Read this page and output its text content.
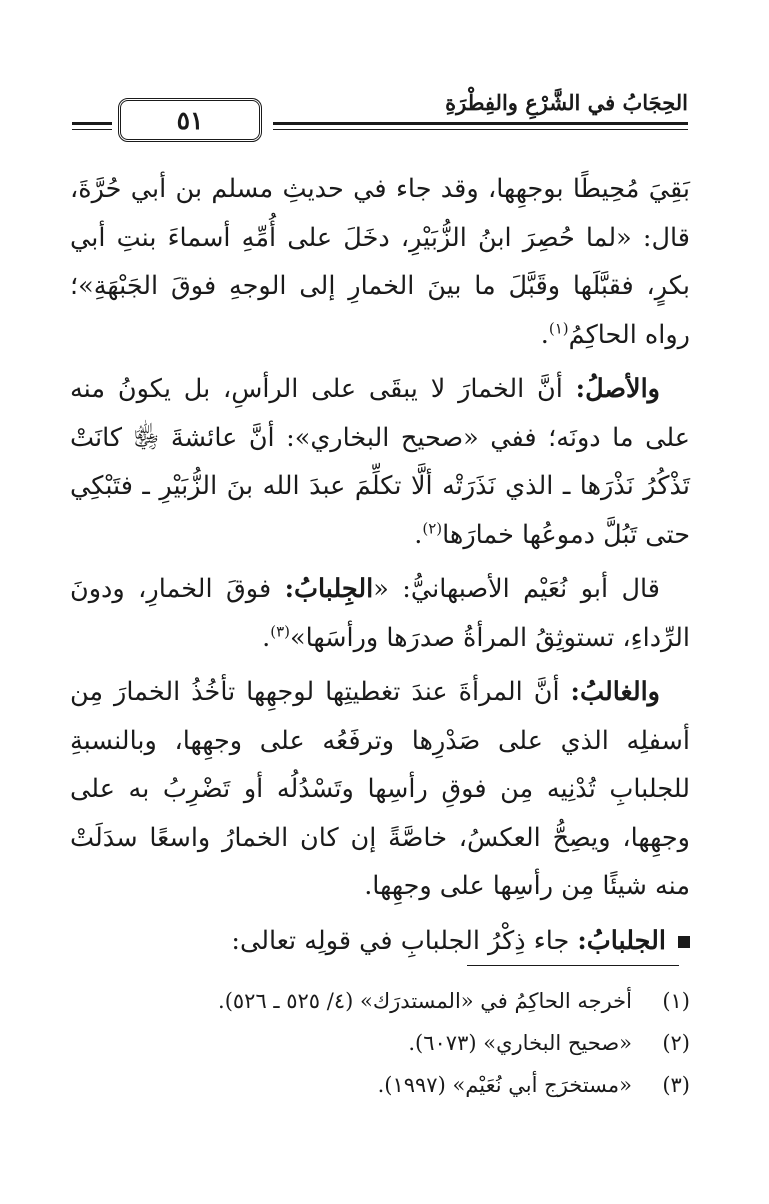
الحِجَابُ في الشَّرْعِ والفِطْرَةِ
٥١

بَقِيَ مُحِيطًا بوجهِها، وقد جاء في حديثِ مسلم بن أبي حُرَّةَ، قال: «لما حُصِرَ ابنُ الزُّبَيْرِ، دخَلَ على أُمِّهِ أسماءَ بنتِ أبي بكرٍ، فقبَّلَها وقَبَّلَ ما بينَ الخمارِ إلى الوجهِ فوقَ الجَبْهَةِ»؛ رواه الحاكِمُ$^{(١)}$.

والأصلُ: أنَّ الخمارَ لا يبقَى على الرأسِ، بل يكونُ منه على ما دونَه؛ ففي «صحيح البخاري»: أنَّ عائشةَ ﵂ كانَتْ تَذْكُرُ نَذْرَها ـ الذي نَذَرَتْه ألَّا تكلِّمَ عبدَ الله بنَ الزُّبَيْرِ ـ فتَبْكِي حتى تَبُلَّ دموعُها خمارَها$^{(٢)}$.

قال أبو نُعَيْم الأصبهانيُّ: «الجِلبابُ: فوقَ الخمارِ، ودونَ الرِّداءِ، تستوثِقُ المرأةُ صدرَها ورأسَها»$^{(٣)}$.

والغالبُ: أنَّ المرأةَ عندَ تغطيتِها لوجهِها تأخُذُ الخمارَ مِن أسفلِه الذي على صَدْرِها وترفَعُه على وجهِها، وبالنسبةِ للجلبابِ تُدْنِيه مِن فوقِ رأسِها وتَسْدُلُه أو تَضْرِبُ به على وجهِها، ويصِحُّ العكسُ، خاصَّةً إن كان الخمارُ واسعًا سدَلَتْ منه شيئًا مِن رأسِها على وجهِها.

الجلبابُ: جاء ذِكْرُ الجلبابِ في قولِه تعالى:

(١)أخرجه الحاكِمُ في «المستدرَك» (٤/ ٥٢٥ ـ ٥٢٦).

(٢)«صحيح البخاري» (٦٠٧٣).

(٣)«مستخرَج أبي نُعَيْم» (١٩٩٧).
